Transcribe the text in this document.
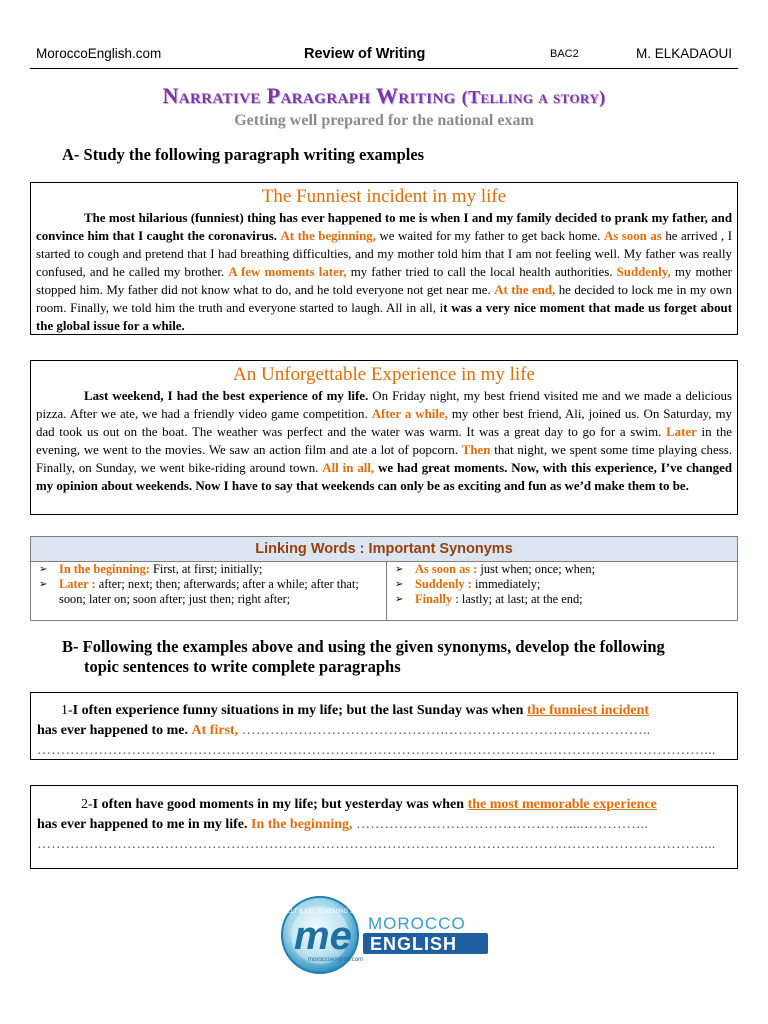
MoroccoEnglish.com	Review of Writing	BAC2	M. ELKADAOUI
Narrative Paragraph Writing (Telling a story)
Getting well prepared for the national exam
A- Study the following paragraph writing examples
The Funniest incident in my life

The most hilarious (funniest) thing has ever happened to me is when I and my family decided to prank my father, and convince him that I caught the coronavirus. At the beginning, we waited for my father to get back home. As soon as he arrived , I started to cough and pretend that I had breathing difficulties, and my mother told him that I am not feeling well. My father was really confused, and he called my brother. A few moments later, my father tried to call the local health authorities. Suddenly, my mother stopped him. My father did not know what to do, and he told everyone not get near me. At the end, he decided to lock me in my own room. Finally, we told him the truth and everyone started to laugh. All in all, it was a very nice moment that made us forget about the global issue for a while.

An Unforgettable Experience in my life

Last weekend, I had the best experience of my life. On Friday night, my best friend visited me and we made a delicious pizza. After we ate, we had a friendly video game competition. After a while, my other best friend, Ali, joined us. On Saturday, my dad took us out on the boat. The weather was perfect and the water was warm. It was a great day to go for a swim. Later in the evening, we went to the movies. We saw an action film and ate a lot of popcorn. Then that night, we spent some time playing chess. Finally, on Sunday, we went bike-riding around town. All in all, we had great moments. Now, with this experience, I’ve changed my opinion about weekends. Now I have to say that weekends can only be as exciting and fun as we’d make them to be.

Linking Words : Important Synonyms
➢ In the beginning: First, at first; initially;
➢ Later : after; next; then; afterwards; after a while; after that; soon; later on; soon after; just then; right after;
➢ As soon as : just when; once; when;
➢ Suddenly : immediately;
➢ Finally : lastly; at last; at the end;
B- Following the examples above and using the given synonyms, develop the following
topic sentences to write complete paragraphs
1-I often experience funny situations in my life; but the last Sunday was when the funniest incident
has ever happened to me. At first, …………………………………….……………………………………..
……………………………………………………………………………………………………………………………...
2-I often have good moments in my life; but yesterday was when the most memorable experience
has ever happened to me in my life. In the beginning, ………………………………………....…………..
……………………………………………………………………………………………………………………………...
ELT & EFL TEACHING SOLUTION
me
moroccoenglish.com
MOROCCO
ENGLISH
